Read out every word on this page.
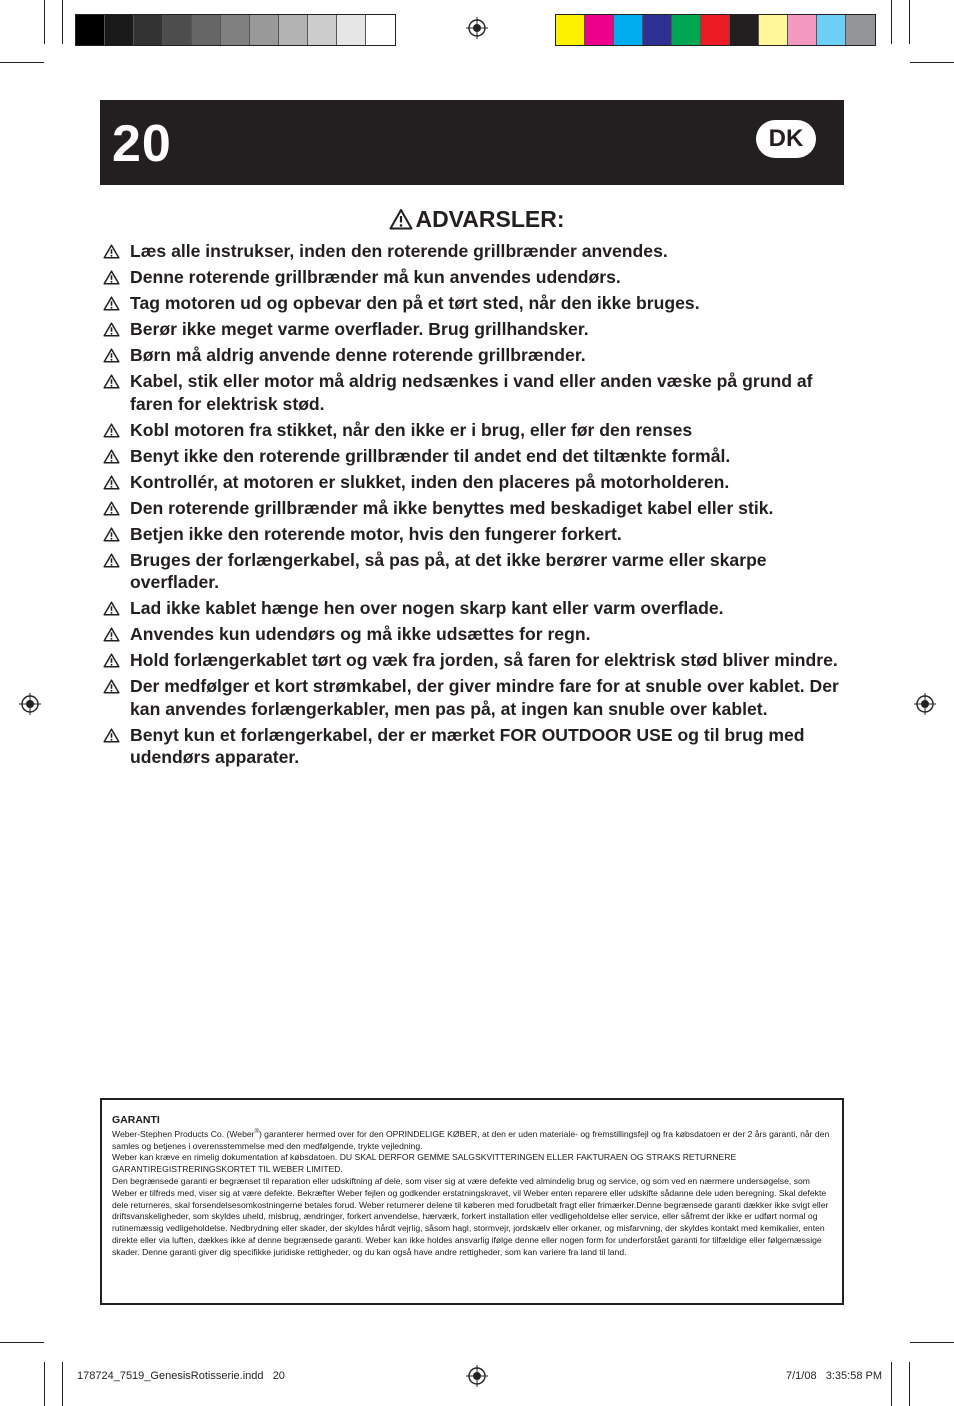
20	DK
ADVARSLER:
Læs alle instrukser, inden den roterende grillbrænder anvendes.
Denne roterende grillbrænder må kun anvendes udendørs.
Tag motoren ud og opbevar den på et tørt sted, når den ikke bruges.
Berør ikke meget varme overflader. Brug grillhandsker.
Børn må aldrig anvende denne roterende grillbrænder.
Kabel, stik eller motor må aldrig nedsænkes i vand eller anden væske på grund af faren for elektrisk stød.
Kobl motoren fra stikket, når den ikke er i brug, eller før den renses
Benyt ikke den roterende grillbrænder til andet end det tiltænkte formål.
Kontrollér, at motoren er slukket, inden den placeres på motorholderen.
Den roterende grillbrænder må ikke benyttes med beskadiget kabel eller stik.
Betjen ikke den roterende motor, hvis den fungerer forkert.
Bruges der forlængerkabel, så pas på, at det ikke berører varme eller skarpe overflader.
Lad ikke kablet hænge hen over nogen skarp kant eller varm overflade.
Anvendes kun udendørs og må ikke udsættes for regn.
Hold forlængerkablet tørt og væk fra jorden, så faren for elektrisk stød bliver mindre.
Der medfølger et kort strømkabel, der giver mindre fare for at snuble over kablet. Der kan anvendes forlængerkabler, men pas på, at ingen kan snuble over kablet.
Benyt kun et forlængerkabel, der er mærket FOR OUTDOOR USE og til brug med udendørs apparater.
GARANTI

Weber-Stephen Products Co. (Weber®) garanterer hermed over for den OPRINDELIGE KØBER, at den er uden materiale- og fremstillingsfejl og fra købsdatoen er der 2 års garanti, når den samles og betjenes i overensstemmelse med den medfølgende, trykte vejledning.

Weber kan kræve en rimelig dokumentation af købsdatoen. DU SKAL DERFOR GEMME SALGSKVITTERINGEN ELLER FAKTURAEN OG STRAKS RETURNERE GARANTIREGISTRERINGSKORTET TIL WEBER LIMITED.

Den begrænsede garanti er begrænset til reparation eller udskiftning af dele, som viser sig at være defekte ved almindelig brug og service, og som ved en nærmere undersøgelse, som Weber er tilfreds med, viser sig at være defekte. Bekræfter Weber fejlen og godkender erstatningskravet, vil Weber enten reparere eller udskifte sådanne dele uden beregning. Skal defekte dele returneres, skal forsendelsesomkostningerne betales forud. Weber returnerer delene til køberen med forudbetalt fragt eller frimærker.Denne begrænsede garanti dækker ikke svigt eller driftsvanskeligheder, som skyldes uheld, misbrug, ændringer, forkert anvendelse, hærværk, forkert installation eller vedligeholdelse eller service, eller såfremt der ikke er udført normal og rutinemæssig vedligeholdelse. Nedbrydning eller skader, der skyldes hårdt vejrlig, såsom hagl, stormvejr, jordskælv eller orkaner, og misfarvning, der skyldes kontakt med kemikalier, enten direkte eller via luften, dækkes ikke af denne begrænsede garanti. Weber kan ikke holdes ansvarlig ifølge denne eller nogen form for underforstået garanti for tilfældige eller følgemæssige skader. Denne garanti giver dig specifikke juridiske rettigheder, og du kan også have andre rettigheder, som kan variere fra land til land.

178724_7519_GenesisRotisserie.indd   20	7/1/08   3:35:58 PM
